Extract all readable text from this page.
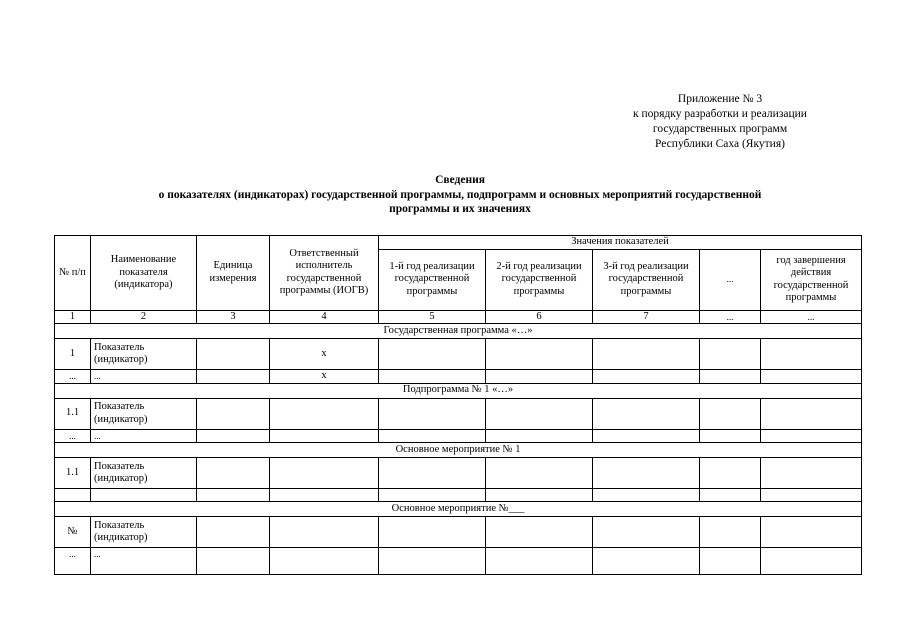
Приложение № 3
к порядку разработки и реализации
государственных программ
Республики Саха (Якутия)
Сведения
о показателях (индикаторах) государственной программы, подпрограмм и основных мероприятий государственной
программы и их значениях
№ п/п	Наименование показателя (индикатора)	Единица измерения	Ответственный исполнитель государственной программы (ИОГВ)	Значения показателей				
				1-й год реализации государственной программы	2-й год реализации государственной программы	3-й год реализации государственной программы	...	год завершения действия государственной программы
1	2	3	4	5	6	7	...	...
Государственная программа «…»								
1	Показатель (индикатор)		х					
...	...		х					
Подпрограмма № 1 «…»								
1.1	Показатель (индикатор)							
...	...							
Основное мероприятие № 1								
1.1	Показатель (индикатор)							

Основное мероприятие №___								
№	Показатель (индикатор)							
...	...							
